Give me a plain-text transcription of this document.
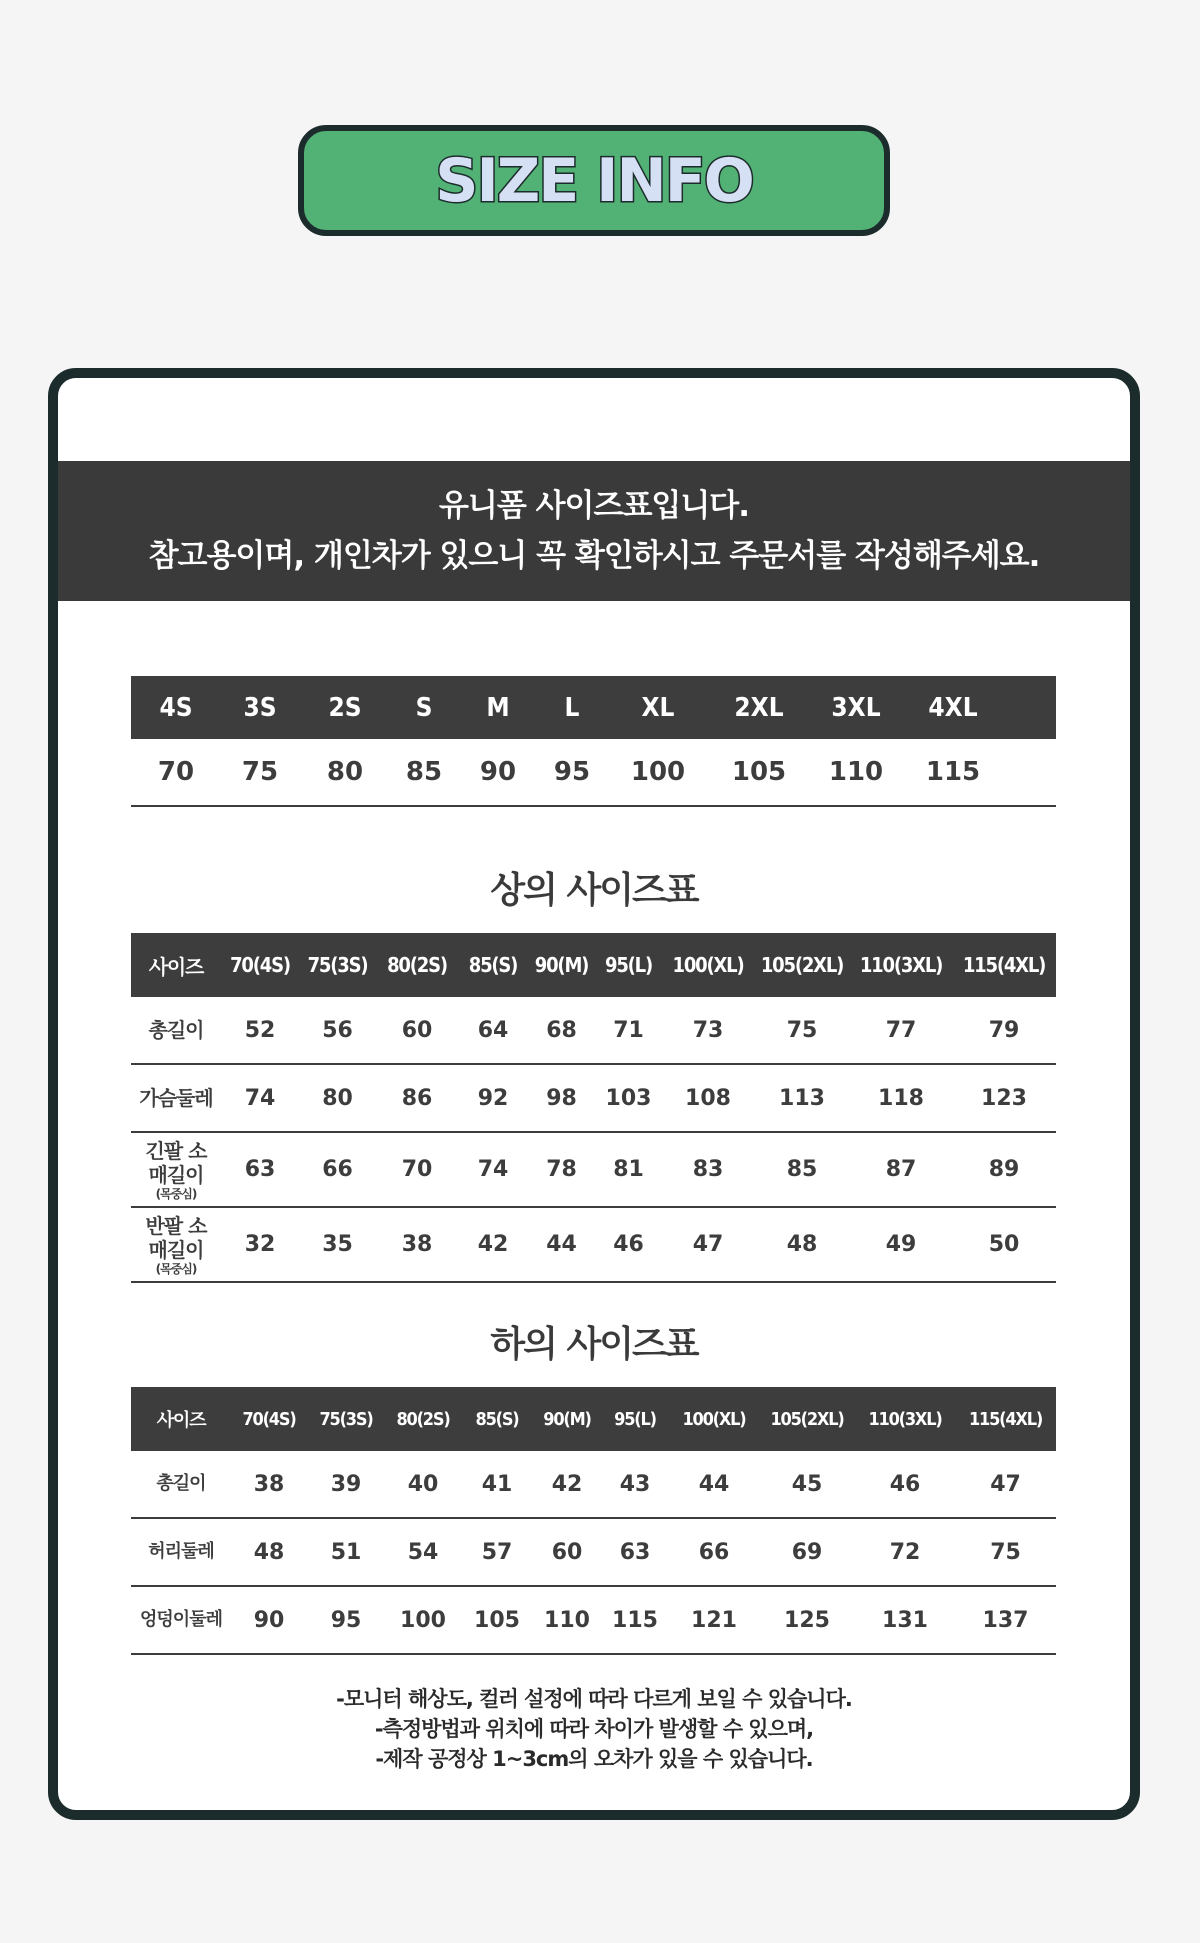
SIZE INFO
유니폼 사이즈표입니다.
참고용이며, 개인차가 있으니 꼭 확인하시고 주문서를 작성해주세요.
4S	3S	2S	S	M	L	XL	2XL	3XL	4XL	
70	75	80	85	90	95	100	105	110	115	
상의 사이즈표
사이즈	70(4S)	75(3S)	80(2S)	85(S)	90(M)	95(L)	100(XL)	105(2XL)	110(3XL)	115(4XL)
총길이	52	56	60	64	68	71	73	75	77	79
가슴둘레	74	80	86	92	98	103	108	113	118	123

긴팔 소매길이
(목중심)	63	66	70	74	78	81	83	85	87	89

반팔 소매길이
(목중심)	32	35	38	42	44	46	47	48	49	50
하의 사이즈표
사이즈	70(4S)	75(3S)	80(2S)	85(S)	90(M)	95(L)	100(XL)	105(2XL)	110(3XL)	115(4XL)
총길이	38	39	40	41	42	43	44	45	46	47
허리둘레	48	51	54	57	60	63	66	69	72	75
엉덩이둘레	90	95	100	105	110	115	121	125	131	137
-모니터 해상도, 컬러 설정에 따라 다르게 보일 수 있습니다.
-측정방법과 위치에 따라 차이가 발생할 수 있으며,
-제작 공정상 1~3cm의 오차가 있을 수 있습니다.
